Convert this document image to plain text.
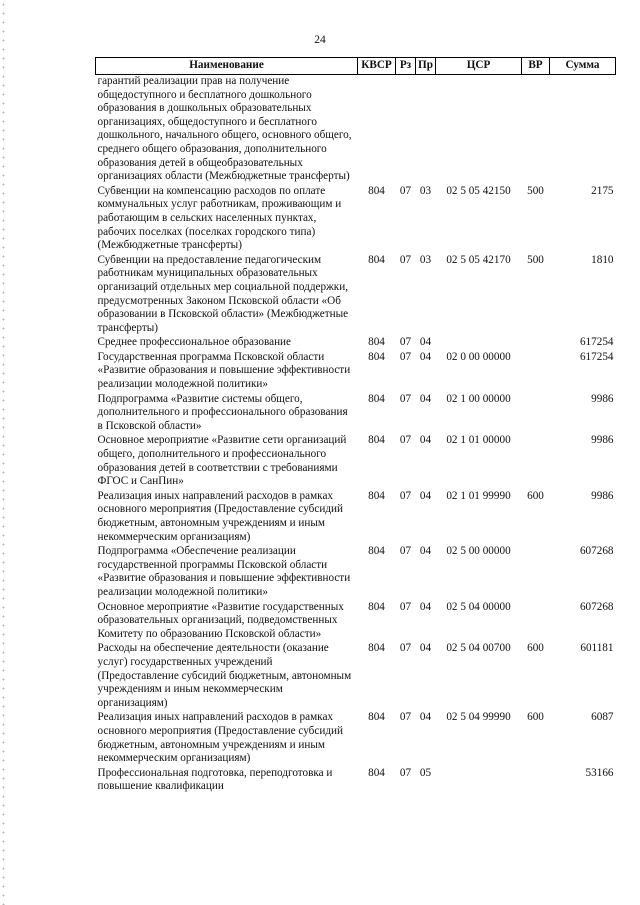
24
Наименование	КВСР	Рз	Пр	ЦСР	ВР	Сумма
гарантий реализации прав на получение общедоступного и бесплатного дошкольного образования в дошкольных образовательных организациях, общедоступного и бесплатного дошкольного, начального общего, основного общего, среднего общего образования, дополнительного образования детей в общеобразовательных организациях области (Межбюджетные трансферты)						
Субвенции на компенсацию расходов по оплате коммунальных услуг работникам, проживающим и работающим в сельских населенных пунктах, рабочих поселках (поселках городского типа) (Межбюджетные трансферты)	804	07	03	02 5 05 42150	500	2175
Субвенции на предоставление педагогическим работникам муниципальных образовательных организаций отдельных мер социальной поддержки, предусмотренных Законом Псковской области «Об образовании в Псковской области» (Межбюджетные трансферты)	804	07	03	02 5 05 42170	500	1810
Среднее профессиональное образование	804	07	04			617254
Государственная программа Псковской области «Развитие образования и повышение эффективности реализации молодежной политики»	804	07	04	02 0 00 00000		617254
Подпрограмма «Развитие системы общего, дополнительного и профессионального образования в Псковской области»	804	07	04	02 1 00 00000		9986
Основное мероприятие «Развитие сети организаций общего, дополнительного и профессионального образования детей в соответствии с требованиями ФГОС и СанПин»	804	07	04	02 1 01 00000		9986
Реализация иных направлений расходов в рамках основного мероприятия (Предоставление субсидий бюджетным, автономным учреждениям и иным некоммерческим организациям)	804	07	04	02 1 01 99990	600	9986
Подпрограмма «Обеспечение реализации государственной программы Псковской области «Развитие образования и повышение эффективности реализации молодежной политики»	804	07	04	02 5 00 00000		607268
Основное мероприятие «Развитие государственных образовательных организаций, подведомственных Комитету по образованию Псковской области»	804	07	04	02 5 04 00000		607268
Расходы на обеспечение деятельности (оказание услуг) государственных учреждений (Предоставление субсидий бюджетным, автономным учреждениям и иным некоммерческим организациям)	804	07	04	02 5 04 00700	600	601181
Реализация иных направлений расходов в рамках основного мероприятия (Предоставление субсидий бюджетным, автономным учреждениям и иным некоммерческим организациям)	804	07	04	02 5 04 99990	600	6087
Профессиональная подготовка, переподготовка и повышение квалификации	804	07	05			53166
